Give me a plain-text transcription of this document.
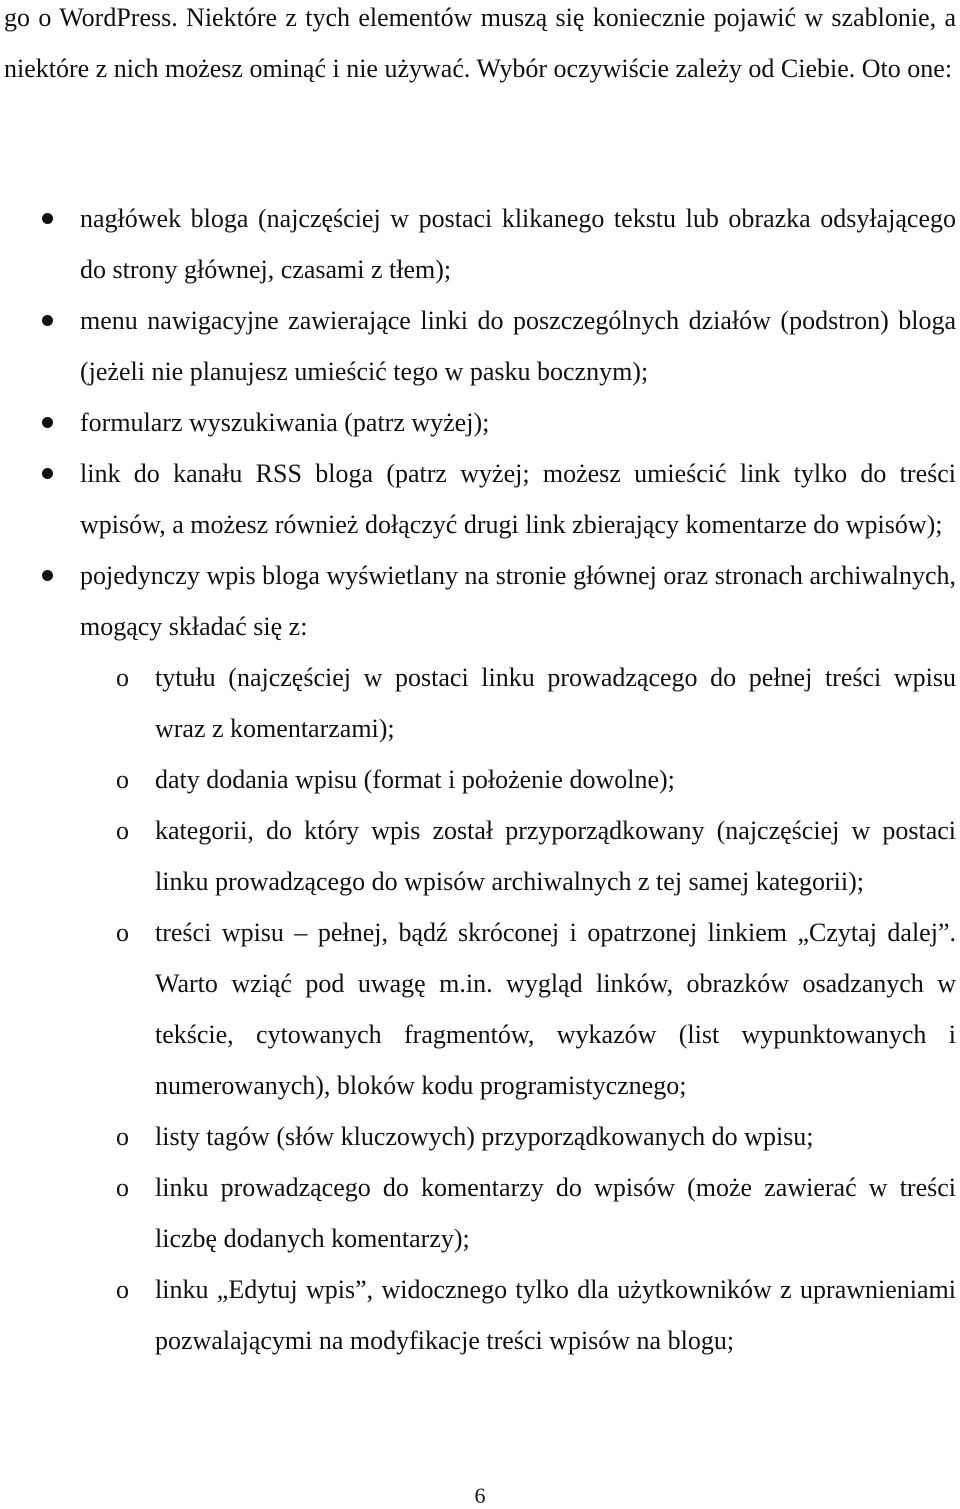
go o WordPress. Niektóre z tych elementów muszą się koniecznie pojawić w szablonie, a niektóre z nich możesz ominąć i nie używać. Wybór oczywiście zależy od Ciebie. Oto one:

nagłówek bloga (najczęściej w postaci klikanego tekstu lub obrazka odsyłającego do strony głównej, czasami z tłem);
menu nawigacyjne zawierające linki do poszczególnych działów (podstron) bloga (jeżeli nie planujesz umieścić tego w pasku bocznym);
formularz wyszukiwania (patrz wyżej);
link do kanału RSS bloga (patrz wyżej; możesz umieścić link tylko do treści wpisów, a możesz również dołączyć drugi link zbierający komentarze do wpisów);
pojedynczy wpis bloga wyświetlany na stronie głównej oraz stronach archiwalnych, mogący składać się z:
o tytułu (najczęściej w postaci linku prowadzącego do pełnej treści wpisu wraz z komentarzami);
o daty dodania wpisu (format i położenie dowolne);
o kategorii, do który wpis został przyporządkowany (najczęściej w postaci linku prowadzącego do wpisów archiwalnych z tej samej kategorii);
o treści wpisu – pełnej, bądź skróconej i opatrzonej linkiem „Czytaj dalej”. Warto wziąć pod uwagę m.in. wygląd linków, obrazków osadzanych w tekście, cytowanych fragmentów, wykazów (list wypunktowanych i numerowanych), bloków kodu programistycznego;
o listy tagów (słów kluczowych) przyporządkowanych do wpisu;
o linku prowadzącego do komentarzy do wpisów (może zawierać w treści liczbę dodanych komentarzy);
o linku „Edytuj wpis”, widocznego tylko dla użytkowników z uprawnieniami pozwalającymi na modyfikacje treści wpisów na blogu;
6
